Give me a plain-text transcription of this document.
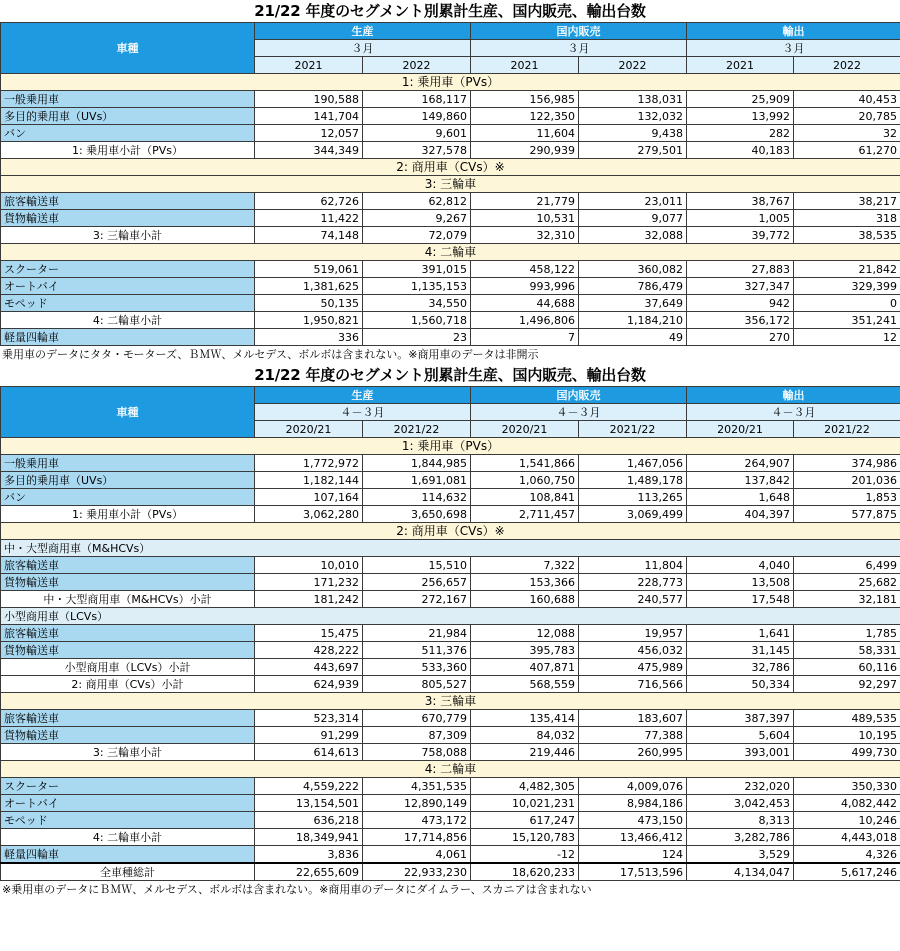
21/22 年度のセグメント別累計生産、国内販売、輸出台数
車種	生産		国内販売		輸出	
	３月		３月		３月	
	2021	2022	2021	2022	2021	2022
1: 乗用車（PVs）						
一般乗用車	190,588	168,117	156,985	138,031	25,909	40,453
多目的乗用車（UVs）	141,704	149,860	122,350	132,032	13,992	20,785
バン	12,057	9,601	11,604	9,438	282	32
1: 乗用車小計（PVs）	344,349	327,578	290,939	279,501	40,183	61,270
2: 商用車（CVs）※						
3: 三輪車						
旅客輸送車	62,726	62,812	21,779	23,011	38,767	38,217
貨物輸送車	11,422	9,267	10,531	9,077	1,005	318
3: 三輪車小計	74,148	72,079	32,310	32,088	39,772	38,535
4: 二輪車						
スクーター	519,061	391,015	458,122	360,082	27,883	21,842
オートバイ	1,381,625	1,135,153	993,996	786,479	327,347	329,399
モペッド	50,135	34,550	44,688	37,649	942	0
4: 二輪車小計	1,950,821	1,560,718	1,496,806	1,184,210	356,172	351,241
軽量四輪車	336	23	7	49	270	12
乗用車のデータにタタ・モーターズ、ＢＭＷ、メルセデス、ボルボは含まれない。※商用車のデータは非開示
21/22 年度のセグメント別累計生産、国内販売、輸出台数
車種	生産		国内販売		輸出	
	４－３月		４－３月		４－３月	
	2020/21	2021/22	2020/21	2021/22	2020/21	2021/22
1: 乗用車（PVs）						
一般乗用車	1,772,972	1,844,985	1,541,866	1,467,056	264,907	374,986
多目的乗用車（UVs）	1,182,144	1,691,081	1,060,750	1,489,178	137,842	201,036
バン	107,164	114,632	108,841	113,265	1,648	1,853
1: 乗用車小計（PVs）	3,062,280	3,650,698	2,711,457	3,069,499	404,397	577,875
2: 商用車（CVs）※						
中・大型商用車（M&HCVs）						
旅客輸送車	10,010	15,510	7,322	11,804	4,040	6,499
貨物輸送車	171,232	256,657	153,366	228,773	13,508	25,682
中・大型商用車（M&HCVs）小計	181,242	272,167	160,688	240,577	17,548	32,181
小型商用車（LCVs）						
旅客輸送車	15,475	21,984	12,088	19,957	1,641	1,785
貨物輸送車	428,222	511,376	395,783	456,032	31,145	58,331
小型商用車（LCVs）小計	443,697	533,360	407,871	475,989	32,786	60,116
2: 商用車（CVs）小計	624,939	805,527	568,559	716,566	50,334	92,297
3: 三輪車						
旅客輸送車	523,314	670,779	135,414	183,607	387,397	489,535
貨物輸送車	91,299	87,309	84,032	77,388	5,604	10,195
3: 三輪車小計	614,613	758,088	219,446	260,995	393,001	499,730
4: 二輪車						
スクーター	4,559,222	4,351,535	4,482,305	4,009,076	232,020	350,330
オートバイ	13,154,501	12,890,149	10,021,231	8,984,186	3,042,453	4,082,442
モペッド	636,218	473,172	617,247	473,150	8,313	10,246
4: 二輪車小計	18,349,941	17,714,856	15,120,783	13,466,412	3,282,786	4,443,018
軽量四輪車	3,836	4,061	-12	124	3,529	4,326
全車種総計	22,655,609	22,933,230	18,620,233	17,513,596	4,134,047	5,617,246
※乗用車のデータにＢＭＷ、メルセデス、ボルボは含まれない。※商用車のデータにダイムラー、スカニアは含まれない
